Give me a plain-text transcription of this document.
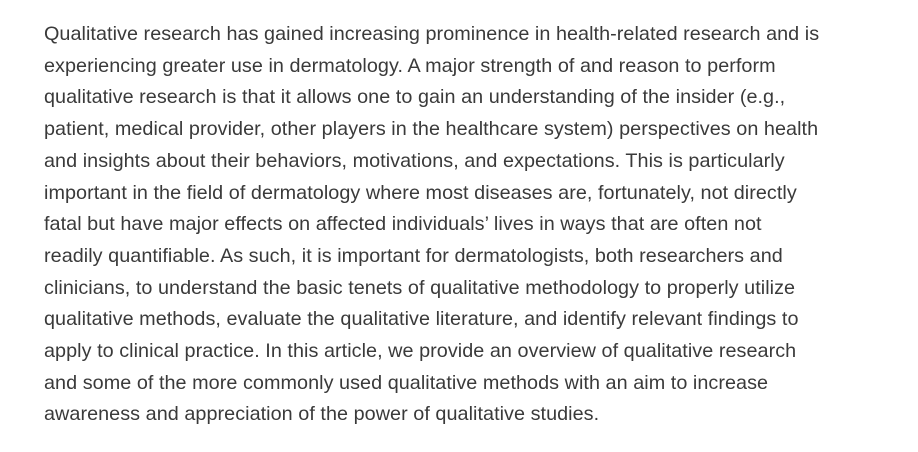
Qualitative research has gained increasing prominence in health-related research and is
experiencing greater use in dermatology. A major strength of and reason to perform
qualitative research is that it allows one to gain an understanding of the insider (e.g.,
patient, medical provider, other players in the healthcare system) perspectives on health
and insights about their behaviors, motivations, and expectations. This is particularly
important in the field of dermatology where most diseases are, fortunately, not directly
fatal but have major effects on affected individuals’ lives in ways that are often not
readily quantifiable. As such, it is important for dermatologists, both researchers and
clinicians, to understand the basic tenets of qualitative methodology to properly utilize
qualitative methods, evaluate the qualitative literature, and identify relevant findings to
apply to clinical practice. In this article, we provide an overview of qualitative research
and some of the more commonly used qualitative methods with an aim to increase
awareness and appreciation of the power of qualitative studies.
